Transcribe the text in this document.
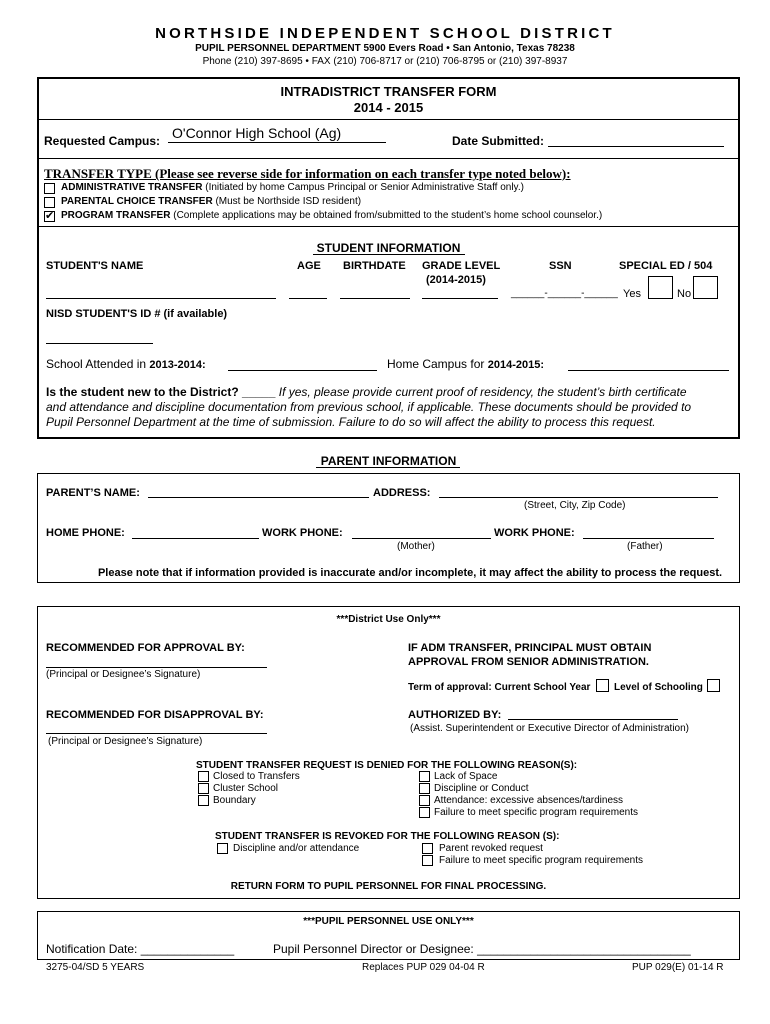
NORTHSIDE INDEPENDENT SCHOOL DISTRICT
PUPIL PERSONNEL DEPARTMENT 5900 Evers Road • San Antonio, Texas 78238
Phone (210) 397-8695 • FAX (210) 706-8717 or (210) 706-8795 or (210) 397-8937
INTRADISTRICT TRANSFER FORM
2014 - 2015
Requested Campus: O'Connor High School (Ag)	Date Submitted:
TRANSFER TYPE (Please see reverse side for information on each transfer type noted below):
ADMINISTRATIVE TRANSFER (Initiated by home Campus Principal or Senior Administrative Staff only.)
PARENTAL CHOICE TRANSFER (Must be Northside ISD resident)
✔ PROGRAM TRANSFER (Complete applications may be obtained from/submitted to the student’s home school counselor.)
STUDENT INFORMATION
STUDENT'S NAME	AGE BIRTHDATE GRADE LEVEL
(2014-2015)
SSN	SPECIAL ED / 504
______-______-______ Yes	No
NISD STUDENT'S ID # (if available)
School Attended in 2013-2014:	Home Campus for 2014-2015:
Is the student new to the District? _____ If yes, please provide current proof of residency, the student’s birth certificate
and attendance and discipline documentation from previous school, if applicable. These documents should be provided to
Pupil Personnel Department at the time of submission. Failure to do so will affect the ability to process this request.
PARENT INFORMATION
PARENT’S NAME:	ADDRESS:
(Street, City, Zip Code)
HOME PHONE:	WORK PHONE:
(Mother)
WORK PHONE:
(Father)
Please note that if information provided is inaccurate and/or incomplete, it may affect the ability to process the request.
***District Use Only***
RECOMMENDED FOR APPROVAL BY:
(Principal or Designee’s Signature)
IF ADM TRANSFER, PRINCIPAL MUST OBTAIN
APPROVAL FROM SENIOR ADMINISTRATION.
Term of approval: Current School Year Level of Schooling
RECOMMENDED FOR DISAPPROVAL BY:
(Principal or Designee’s Signature)
AUTHORIZED BY:
(Assist. Superintendent or Executive Director of Administration)
STUDENT TRANSFER REQUEST IS DENIED FOR THE FOLLOWING REASON(S):
Closed to Transfers
Cluster School
Boundary
Lack of Space
Discipline or Conduct
Attendance: excessive absences/tardiness
Failure to meet specific program requirements
STUDENT TRANSFER IS REVOKED FOR THE FOLLOWING REASON (S):
Discipline and/or attendance	Parent revoked request
Failure to meet specific program requirements
RETURN FORM TO PUPIL PERSONNEL FOR FINAL PROCESSING.
***PUPIL PERSONNEL USE ONLY***
Notification Date: ______________	Pupil Personnel Director or Designee: ________________________________
3275-04/SD 5 YEARS	Replaces PUP 029 04-04 R	PUP 029(E) 01-14 R
